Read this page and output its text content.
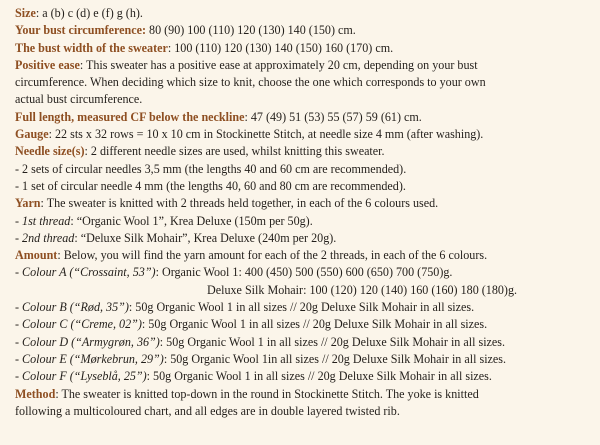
Size: a (b) c (d) e (f) g (h).
Your bust circumference: 80 (90) 100 (110) 120 (130) 140 (150) cm.
The bust width of the sweater: 100 (110) 120 (130) 140 (150) 160 (170) cm.
Positive ease: This sweater has a positive ease at approximately 20 cm, depending on your bust
circumference. When deciding which size to knit, choose the one which corresponds to your own
actual bust circumference.
Full length, measured CF below the neckline: 47 (49) 51 (53) 55 (57) 59 (61) cm.
Gauge: 22 sts x 32 rows = 10 x 10 cm in Stockinette Stitch, at needle size 4 mm (after washing).
Needle size(s): 2 different needle sizes are used, whilst knitting this sweater.
- 2 sets of circular needles 3,5 mm (the lengths 40 and 60 cm are recommended).
- 1 set of circular needle 4 mm (the lengths 40, 60 and 80 cm are recommended).
Yarn: The sweater is knitted with 2 threads held together, in each of the 6 colours used.
- 1st thread: “Organic Wool 1”, Krea Deluxe (150m per 50g).
- 2nd thread: “Deluxe Silk Mohair”, Krea Deluxe (240m per 20g).
Amount: Below, you will find the yarn amount for each of the 2 threads, in each of the 6 colours.
- Colour A (“Crossaint, 53”): Organic Wool 1: 400 (450) 500 (550) 600 (650) 700 (750)g.
Deluxe Silk Mohair: 100 (120) 120 (140) 160 (160) 180 (180)g.
- Colour B (“Rød, 35”): 50g Organic Wool 1 in all sizes // 20g Deluxe Silk Mohair in all sizes.
- Colour C (“Creme, 02”): 50g Organic Wool 1 in all sizes // 20g Deluxe Silk Mohair in all sizes.
- Colour D (“Armygrøn, 36”): 50g Organic Wool 1 in all sizes // 20g Deluxe Silk Mohair in all sizes.
- Colour E (“Mørkebrun, 29”): 50g Organic Wool 1in all sizes // 20g Deluxe Silk Mohair in all sizes.
- Colour F (“Lyseblå, 25”): 50g Organic Wool 1 in all sizes // 20g Deluxe Silk Mohair in all sizes.
Method: The sweater is knitted top-down in the round in Stockinette Stitch. The yoke is knitted
following a multicoloured chart, and all edges are in double layered twisted rib.
